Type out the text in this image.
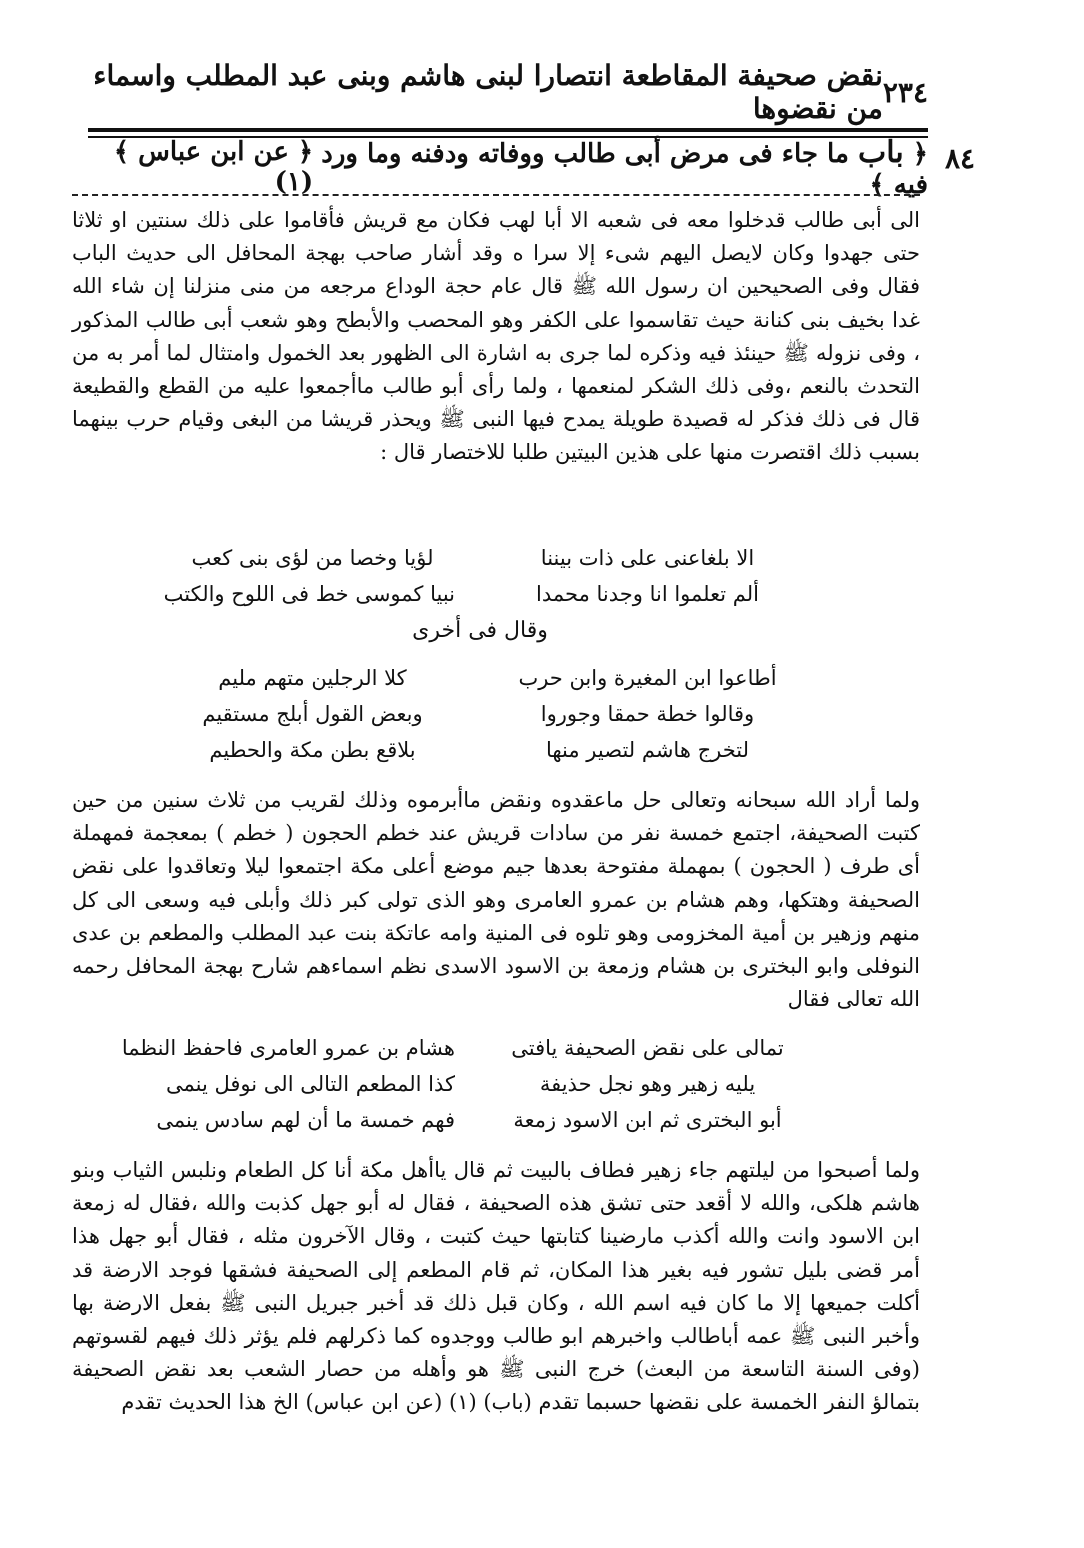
٢٣٤
نقض صحيفة المقاطعة انتصارا لبنى هاشم وبنى عبد المطلب واسماء من نقضوها
٨٤
﴿ باب ما جاء فى مرض أبى طالب ووفاته ودفنه وما ورد فيه ﴾
﴿ عن ابن عباس ﴾ (١)
الى أبى طالب قدخلوا معه فى شعبه الا أبا لهب فكان مع قريش فأقاموا على ذلك سنتين او ثلاثا حتى جهدوا وكان لايصل اليهم شىء إلا سرا ه وقد أشار صاحب بهجة المحافل الى حديث الباب فقال وفى الصحيحين ان رسول الله ﷺ قال عام حجة الوداع مرجعه من منى منزلنا إن شاء الله غدا بخيف بنى كنانة حيث تقاسموا على الكفر وهو المحصب والأبطح وهو شعب أبى طالب المذكور ، وفى نزوله ﷺ حينئذ فيه وذكره لما جرى به اشارة الى الظهور بعد الخمول وامتثال لما أمر به من التحدث بالنعم ،وفى ذلك الشكر لمنعمها ، ولما رأى أبو طالب ماأجمعوا عليه من القطع والقطيعة قال فى ذلك فذكر له قصيدة طويلة يمدح فيها النبى ﷺ ويحذر قريشا من البغى وقيام حرب بينهما بسبب ذلك اقتصرت منها على هذين البيتين طلبا للاختصار قال :
الا بلغاعنى على ذات بيننا
لؤيا وخصا من لؤى بنى كعب
ألم تعلموا انا وجدنا محمدا
نبيا كموسى خط فى اللوح والكتب
وقال فى أخرى
أطاعوا ابن المغيرة وابن حرب
كلا الرجلين متهم مليم
وقالوا خطة حمقا وجوروا
وبعض القول أبلج مستقيم
لتخرج هاشم لتصير منها
بلاقع بطن مكة والحطيم
ولما أراد الله سبحانه وتعالى حل ماعقدوه ونقض ماأبرموه وذلك لقريب من ثلاث سنين من حين كتبت الصحيفة، اجتمع خمسة نفر من سادات قريش عند خطم الحجون ( خطم ) بمعجمة فمهملة أى طرف ( الحجون ) بمهملة مفتوحة بعدها جيم موضع أعلى مكة اجتمعوا ليلا وتعاقدوا على نقض الصحيفة وهتكها، وهم هشام بن عمرو العامرى وهو الذى تولى كبر ذلك وأبلى فيه وسعى الى كل منهم وزهير بن أمية المخزومى وهو تلوه فى المنية وامه عاتكة بنت عبد المطلب والمطعم بن عدى النوفلى وابو البخترى بن هشام وزمعة بن الاسود الاسدى نظم اسماءهم شارح بهجة المحافل رحمه الله تعالى فقال
تمالى على نقض الصحيفة يافتى
هشام بن عمرو العامرى فاحفظ النظما
يليه زهير وهو نجل حذيفة
كذا المطعم التالى الى نوفل ينمى
أبو البخترى ثم ابن الاسود زمعة
فهم خمسة ما أن لهم سادس ينمى
ولما أصبحوا من ليلتهم جاء زهير فطاف بالبيت ثم قال ياأهل مكة أنا كل الطعام ونلبس الثياب وبنو هاشم هلكى، والله لا أقعد حتى تشق هذه الصحيفة ، فقال له أبو جهل كذبت والله ،فقال له زمعة ابن الاسود وانت والله أكذب مارضينا كتابتها حيث كتبت ، وقال الآخرون مثله ، فقال أبو جهل هذا أمر قضى بليل تشور فيه بغير هذا المكان، ثم قام المطعم إلى الصحيفة فشقها فوجد الارضة قد أكلت جميعها إلا ما كان فيه اسم الله ، وكان قبل ذلك قد أخبر جبريل النبى ﷺ بفعل الارضة بها وأخبر النبى ﷺ عمه أباطالب واخبرهم ابو طالب ووجدوه كما ذكرلهم فلم يؤثر ذلك فيهم لقسوتهم (وفى السنة التاسعة من البعث) خرج النبى ﷺ هو وأهله من حصار الشعب بعد نقض الصحيفة بتمالؤ النفر الخمسة على نقضها حسبما تقدم (باب) (١) (عن ابن عباس) الخ هذا الحديث تقدم
